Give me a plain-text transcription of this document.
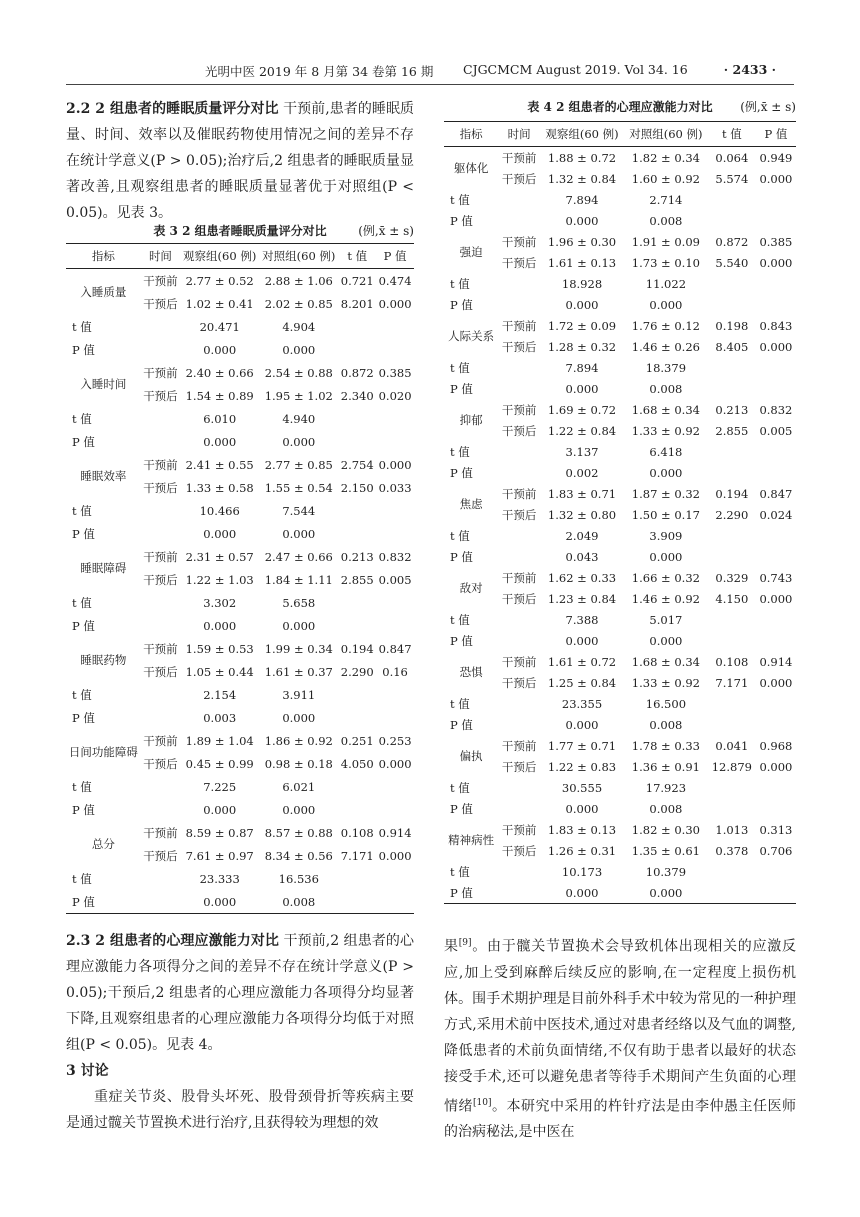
光明中医 2019 年 8 月第 34 卷第 16 期 CJGCMCM August 2019. Vol 34. 16	· 2433 ·

2.2 2 组患者的睡眠质量评分对比 干预前,患者的睡眠质量、时间、效率以及催眠药物使用情况之间的差异不存在统计学意义(P > 0.05);治疗后,2 组患者的睡眠质量显著改善,且观察组患者的睡眠质量显著优于对照组(P < 0.05)。见表 3。

表 3 2 组患者睡眠质量评分对比	(例,x̄ ± s)
指标	时间	观察组(60 例)	对照组(60 例)	t 值	P 值
入睡质量	干预前	2.77 ± 0.52	2.88 ± 1.06	0.721	0.474
	干预后	1.02 ± 0.41	2.02 ± 0.85	8.201	0.000
t 值		20.471	4.904		
P 值		0.000	0.000		
入睡时间	干预前	2.40 ± 0.66	2.54 ± 0.88	0.872	0.385
	干预后	1.54 ± 0.89	1.95 ± 1.02	2.340	0.020
t 值		6.010	4.940		
P 值		0.000	0.000		
睡眠效率	干预前	2.41 ± 0.55	2.77 ± 0.85	2.754	0.000
	干预后	1.33 ± 0.58	1.55 ± 0.54	2.150	0.033
t 值		10.466	7.544		
P 值		0.000	0.000		
睡眠障碍	干预前	2.31 ± 0.57	2.47 ± 0.66	0.213	0.832
	干预后	1.22 ± 1.03	1.84 ± 1.11	2.855	0.005
t 值		3.302	5.658		
P 值		0.000	0.000		
睡眠药物	干预前	1.59 ± 0.53	1.99 ± 0.34	0.194	0.847
	干预后	1.05 ± 0.44	1.61 ± 0.37	2.290	0.16
t 值		2.154	3.911		
P 值		0.003	0.000		
日间功能障碍	干预前	1.89 ± 1.04	1.86 ± 0.92	0.251	0.253
	干预后	0.45 ± 0.99	0.98 ± 0.18	4.050	0.000
t 值		7.225	6.021		
P 值		0.000	0.000		
总分	干预前	8.59 ± 0.87	8.57 ± 0.88	0.108	0.914
	干预后	7.61 ± 0.97	8.34 ± 0.56	7.171	0.000
t 值		23.333	16.536		
P 值		0.000	0.008		

2.3 2 组患者的心理应激能力对比 干预前,2 组患者的心理应激能力各项得分之间的差异不存在统计学意义(P > 0.05);干预后,2 组患者的心理应激能力各项得分均显著下降,且观察组患者的心理应激能力各项得分均低于对照组(P < 0.05)。见表 4。

3 讨论

重症关节炎、股骨头坏死、股骨颈骨折等疾病主要是通过髋关节置换术进行治疗,且获得较为理想的效

表 4 2 组患者的心理应激能力对比 (例,x̄ ± s)
指标	时间	观察组(60 例)	对照组(60 例)	t 值	P 值
躯体化	干预前	1.88 ± 0.72	1.82 ± 0.34	0.064	0.949
	干预后	1.32 ± 0.84	1.60 ± 0.92	5.574	0.000
t 值		7.894	2.714		
P 值		0.000	0.008		
强迫	干预前	1.96 ± 0.30	1.91 ± 0.09	0.872	0.385
	干预后	1.61 ± 0.13	1.73 ± 0.10	5.540	0.000
t 值		18.928	11.022		
P 值		0.000	0.000		
人际关系	干预前	1.72 ± 0.09	1.76 ± 0.12	0.198	0.843
	干预后	1.28 ± 0.32	1.46 ± 0.26	8.405	0.000
t 值		7.894	18.379		
P 值		0.000	0.008		
抑郁	干预前	1.69 ± 0.72	1.68 ± 0.34	0.213	0.832
	干预后	1.22 ± 0.84	1.33 ± 0.92	2.855	0.005
t 值		3.137	6.418		
P 值		0.002	0.000		
焦虑	干预前	1.83 ± 0.71	1.87 ± 0.32	0.194	0.847
	干预后	1.32 ± 0.80	1.50 ± 0.17	2.290	0.024
t 值		2.049	3.909		
P 值		0.043	0.000		
敌对	干预前	1.62 ± 0.33	1.66 ± 0.32	0.329	0.743
	干预后	1.23 ± 0.84	1.46 ± 0.92	4.150	0.000
t 值		7.388	5.017		
P 值		0.000	0.000		
恐惧	干预前	1.61 ± 0.72	1.68 ± 0.34	0.108	0.914
	干预后	1.25 ± 0.84	1.33 ± 0.92	7.171	0.000
t 值		23.355	16.500		
P 值		0.000	0.008		
偏执	干预前	1.77 ± 0.71	1.78 ± 0.33	0.041	0.968
	干预后	1.22 ± 0.83	1.36 ± 0.91	12.879	0.000
t 值		30.555	17.923		
P 值		0.000	0.008		
精神病性	干预前	1.83 ± 0.13	1.82 ± 0.30	1.013	0.313
	干预后	1.26 ± 0.31	1.35 ± 0.61	0.378	0.706
t 值		10.173	10.379		
P 值		0.000	0.000		

果[9]。由于髋关节置换术会导致机体出现相关的应激反应,加上受到麻醉后续反应的影响,在一定程度上损伤机体。围手术期护理是目前外科手术中较为常见的一种护理方式,采用术前中医技术,通过对患者经络以及气血的调整,降低患者的术前负面情绪,不仅有助于患者以最好的状态接受手术,还可以避免患者等待手术期间产生负面的心理情绪[10]。本研究中采用的杵针疗法是由李仲愚主任医师的治病秘法,是中医在
